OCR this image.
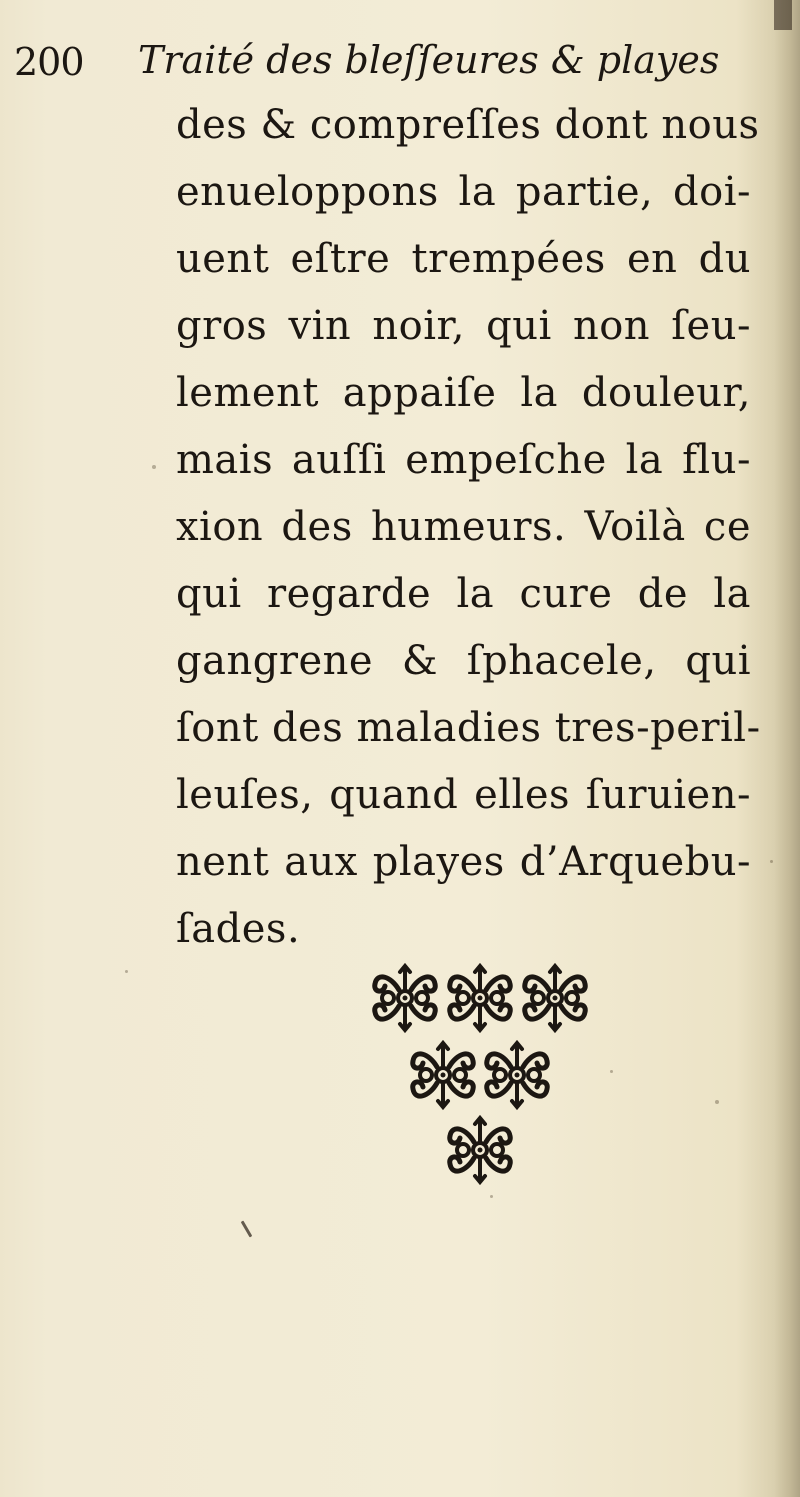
200 Traité des bleſſeures & playes
des & compreſſes dont nous
enueloppons la partie, doi-
uent eſtre trempées en du
gros vin noir, qui non ſeu-
lement appaiſe la douleur,
mais auſſi empeſche la flu-
xion des humeurs. Voilà ce
qui regarde la cure de la
gangrene & ſphacele, qui
ſont des maladies tres-peril-
leuſes, quand elles ſuruien-
nent aux playes d’Arquebu-
ſades.
